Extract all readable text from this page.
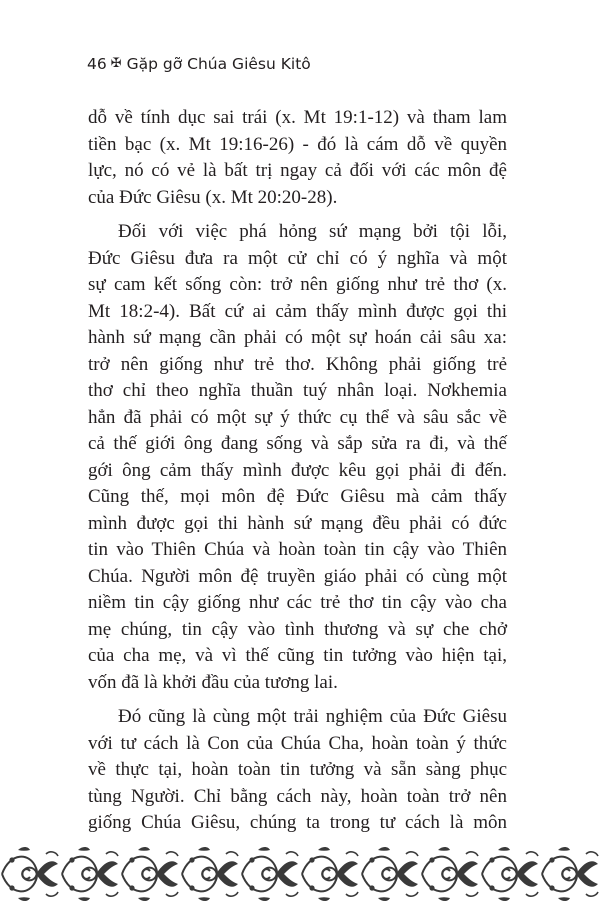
46 ✠ Gặp gỡ Chúa Giêsu Kitô

dỗ về tính dục sai trái (x. Mt 19:1-12) và tham lam
tiền bạc (x. Mt 19:16-26) - đó là cám dỗ về quyền
lực, nó có vẻ là bất trị ngay cả đối với các môn đệ
của Đức Giêsu (x. Mt 20:20-28).

Đối với việc phá hỏng sứ mạng bởi tội lỗi,
Đức Giêsu đưa ra một cử chỉ có ý nghĩa và một
sự cam kết sống còn: trở nên giống như trẻ thơ (x.
Mt 18:2-4). Bất cứ ai cảm thấy mình được gọi thi
hành sứ mạng cần phải có một sự hoán cải sâu xa:
trở nên giống như trẻ thơ. Không phải giống trẻ
thơ chỉ theo nghĩa thuần tuý nhân loại. Nơkhemia
hẳn đã phải có một sự ý thức cụ thể và sâu sắc về
cả thế giới ông đang sống và sắp sửa ra đi, và thế
gới ông cảm thấy mình được kêu gọi phải đi đến.
Cũng thế, mọi môn đệ Đức Giêsu mà cảm thấy
mình được gọi thi hành sứ mạng đều phải có đức
tin vào Thiên Chúa và hoàn toàn tin cậy vào Thiên
Chúa. Người môn đệ truyền giáo phải có cùng một
niềm tin cậy giống như các trẻ thơ tin cậy vào cha
mẹ chúng, tin cậy vào tình thương và sự che chở
của cha mẹ, và vì thế cũng tin tưởng vào hiện tại,
vốn đã là khởi đầu của tương lai.

Đó cũng là cùng một trải nghiệm của Đức Giêsu
với tư cách là Con của Chúa Cha, hoàn toàn ý thức
về thực tại, hoàn toàn tin tưởng và sẵn sàng phục
tùng Người. Chỉ bằng cách này, hoàn toàn trở nên
giống Chúa Giêsu, chúng ta trong tư cách là môn
